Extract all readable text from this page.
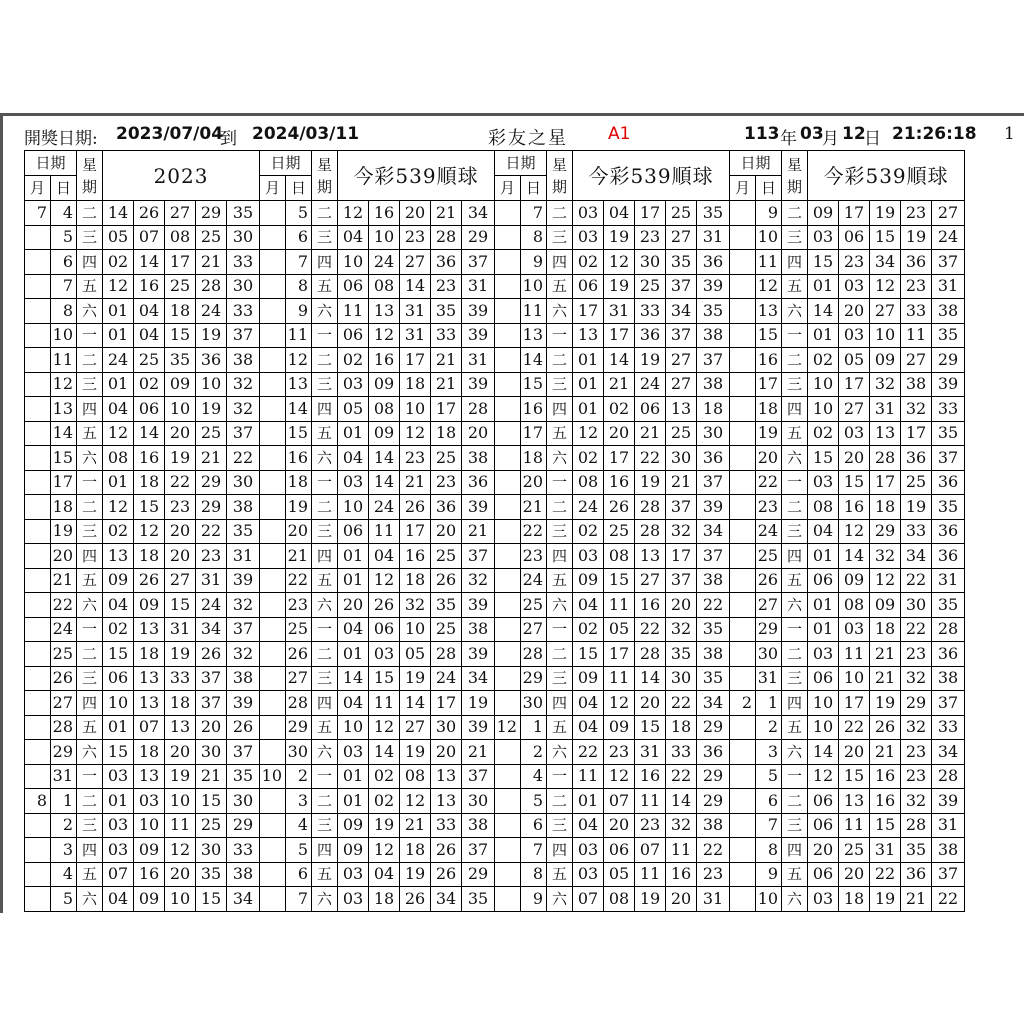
開獎日期: 2023/07/04
到 2024/03/11	彩友之星 A1	113 年 03
月 12
日 21:26:18 1
日期		星期	2023					日期		星期	今彩539順球					日期		星期	今彩539順球					日期		星期	今彩539順球				
月	日							月	日							月	日							月	日						
7	4	二	14	26	27	29	35		5	二	12	16	20	21	34		7	二	03	04	17	25	35		9	二	09	17	19	23	27
	5	三	05	07	08	25	30		6	三	04	10	23	28	29		8	三	03	19	23	27	31		10	三	03	06	15	19	24
	6	四	02	14	17	21	33		7	四	10	24	27	36	37		9	四	02	12	30	35	36		11	四	15	23	34	36	37
	7	五	12	16	25	28	30		8	五	06	08	14	23	31		10	五	06	19	25	37	39		12	五	01	03	12	23	31
	8	六	01	04	18	24	33		9	六	11	13	31	35	39		11	六	17	31	33	34	35		13	六	14	20	27	33	38
	10	一	01	04	15	19	37		11	一	06	12	31	33	39		13	一	13	17	36	37	38		15	一	01	03	10	11	35
	11	二	24	25	35	36	38		12	二	02	16	17	21	31		14	二	01	14	19	27	37		16	二	02	05	09	27	29
	12	三	01	02	09	10	32		13	三	03	09	18	21	39		15	三	01	21	24	27	38		17	三	10	17	32	38	39
	13	四	04	06	10	19	32		14	四	05	08	10	17	28		16	四	01	02	06	13	18		18	四	10	27	31	32	33
	14	五	12	14	20	25	37		15	五	01	09	12	18	20		17	五	12	20	21	25	30		19	五	02	03	13	17	35
	15	六	08	16	19	21	22		16	六	04	14	23	25	38		18	六	02	17	22	30	36		20	六	15	20	28	36	37
	17	一	01	18	22	29	30		18	一	03	14	21	23	36		20	一	08	16	19	21	37		22	一	03	15	17	25	36
	18	二	12	15	23	29	38		19	二	10	24	26	36	39		21	二	24	26	28	37	39		23	二	08	16	18	19	35
	19	三	02	12	20	22	35		20	三	06	11	17	20	21		22	三	02	25	28	32	34		24	三	04	12	29	33	36
	20	四	13	18	20	23	31		21	四	01	04	16	25	37		23	四	03	08	13	17	37		25	四	01	14	32	34	36
	21	五	09	26	27	31	39		22	五	01	12	18	26	32		24	五	09	15	27	37	38		26	五	06	09	12	22	31
	22	六	04	09	15	24	32		23	六	20	26	32	35	39		25	六	04	11	16	20	22		27	六	01	08	09	30	35
	24	一	02	13	31	34	37		25	一	04	06	10	25	38		27	一	02	05	22	32	35		29	一	01	03	18	22	28
	25	二	15	18	19	26	32		26	二	01	03	05	28	39		28	二	15	17	28	35	38		30	二	03	11	21	23	36
	26	三	06	13	33	37	38		27	三	14	15	19	24	34		29	三	09	11	14	30	35		31	三	06	10	21	32	38
	27	四	10	13	18	37	39		28	四	04	11	14	17	19		30	四	04	12	20	22	34	2	1	四	10	17	19	29	37
	28	五	01	07	13	20	26		29	五	10	12	27	30	39	12	1	五	04	09	15	18	29		2	五	10	22	26	32	33
	29	六	15	18	20	30	37		30	六	03	14	19	20	21		2	六	22	23	31	33	36		3	六	14	20	21	23	34
	31	一	03	13	19	21	35	10	2	一	01	02	08	13	37		4	一	11	12	16	22	29		5	一	12	15	16	23	28
8	1	二	01	03	10	15	30		3	二	01	02	12	13	30		5	二	01	07	11	14	29		6	二	06	13	16	32	39
	2	三	03	10	11	25	29		4	三	09	19	21	33	38		6	三	04	20	23	32	38		7	三	06	11	15	28	31
	3	四	03	09	12	30	33		5	四	09	12	18	26	37		7	四	03	06	07	11	22		8	四	20	25	31	35	38
	4	五	07	16	20	35	38		6	五	03	04	19	26	29		8	五	03	05	11	16	23		9	五	06	20	22	36	37
	5	六	04	09	10	15	34		7	六	03	18	26	34	35		9	六	07	08	19	20	31		10	六	03	18	19	21	22
